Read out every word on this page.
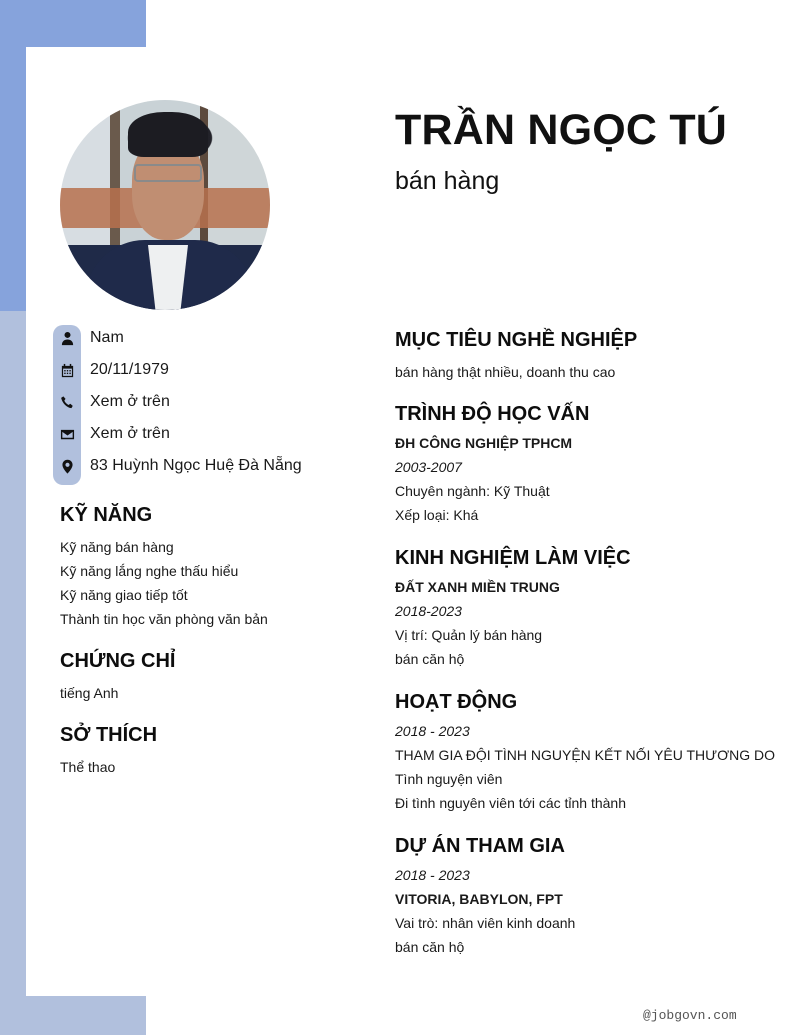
TRẦN NGỌC TÚ
bán hàng
Nam
20/11/1979
Xem ở trên
Xem ở trên
83 Huỳnh Ngọc Huệ Đà Nẵng
KỸ NĂNG
Kỹ năng bán hàng
Kỹ năng lắng nghe thấu hiểu
Kỹ năng giao tiếp tốt
Thành tin học văn phòng văn bản
CHỨNG CHỈ
tiếng Anh
SỞ THÍCH
Thể thao
MỤC TIÊU NGHỀ NGHIỆP
bán hàng thật nhiều, doanh thu cao
TRÌNH ĐỘ HỌC VẤN
ĐH CÔNG NGHIỆP TPHCM
2003-2007
Chuyên ngành: Kỹ Thuật
Xếp loại: Khá
KINH NGHIỆM LÀM VIỆC
ĐẤT XANH MIỀN TRUNG
2018-2023
Vị trí: Quản lý bán hàng
bán căn hộ
HOẠT ĐỘNG
2018 - 2023
THAM GIA ĐỘI TÌNH NGUYỆN KẾT NỐI YÊU THƯƠNG DO
Tình nguyện viên
Đi tình nguyên viên tới các tỉnh thành
DỰ ÁN THAM GIA
2018 - 2023
VITORIA, BABYLON, FPT
Vai trò: nhân viên kinh doanh
bán căn hộ
@jobgovn.com
